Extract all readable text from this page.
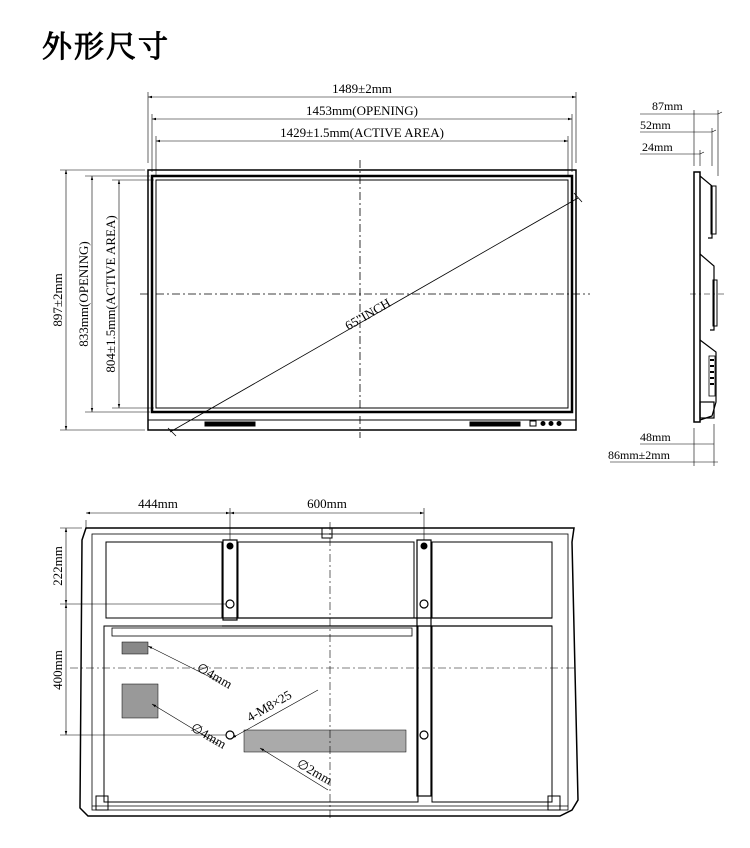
外形尺寸
1489±2mm
1453mm(OPENING)
1429±1.5mm(ACTIVE AREA)
897±2mm 833mm(OPENING) 804±1.5mm(ACTIVE AREA)	65"INCH
87mm
52mm
24mm
48mm
86mm±2mm
444mm	600mm
222mm
400mm	∅4mm
∅4mm
4-M8×25
∅2mm
